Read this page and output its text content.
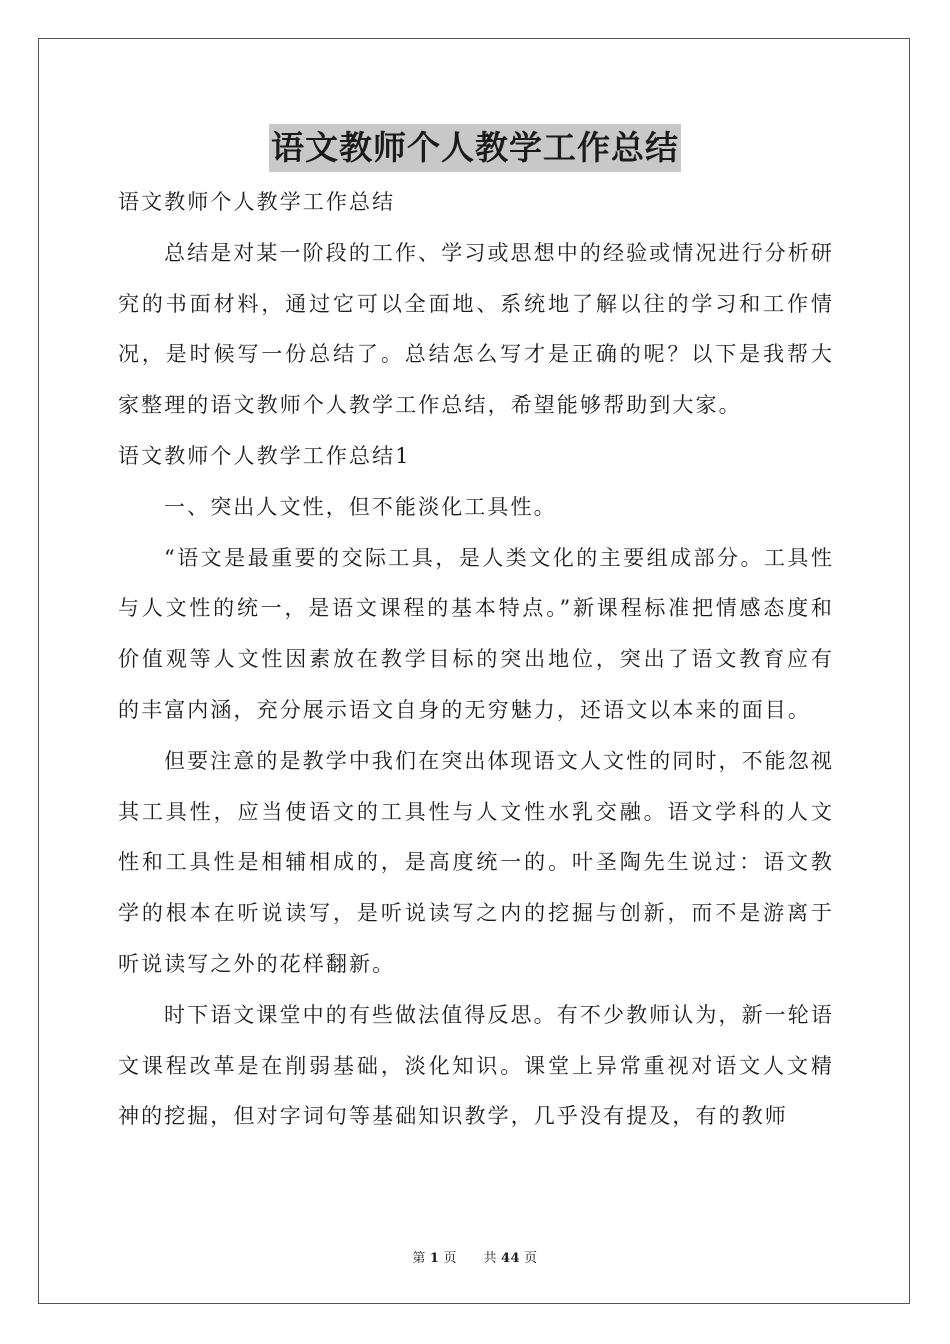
语文教师个人教学工作总结

语文教师个人教学工作总结

总结是对某一阶段的工作、学习或思想中的经验或情况进行分析研究的书面材料，通过它可以全面地、系统地了解以往的学习和工作情况，是时候写一份总结了。总结怎么写才是正确的呢？以下是我帮大家整理的语文教师个人教学工作总结，希望能够帮助到大家。

语文教师个人教学工作总结1

一、突出人文性，但不能淡化工具性。

“语文是最重要的交际工具，是人类文化的主要组成部分。工具性与人文性的统一，是语文课程的基本特点。”新课程标准把情感态度和价值观等人文性因素放在教学目标的突出地位，突出了语文教育应有的丰富内涵，充分展示语文自身的无穷魅力，还语文以本来的面目。

但要注意的是教学中我们在突出体现语文人文性的同时，不能忽视其工具性，应当使语文的工具性与人文性水乳交融。语文学科的人文性和工具性是相辅相成的，是高度统一的。叶圣陶先生说过：语文教学的根本在听说读写，是听说读写之内的挖掘与创新，而不是游离于听说读写之外的花样翻新。

时下语文课堂中的有些做法值得反思。有不少教师认为，新一轮语文课程改革是在削弱基础，淡化知识。课堂上异常重视对语文人文精神的挖掘，但对字词句等基础知识教学，几乎没有提及，有的教师

第 1 页 共 44 页
